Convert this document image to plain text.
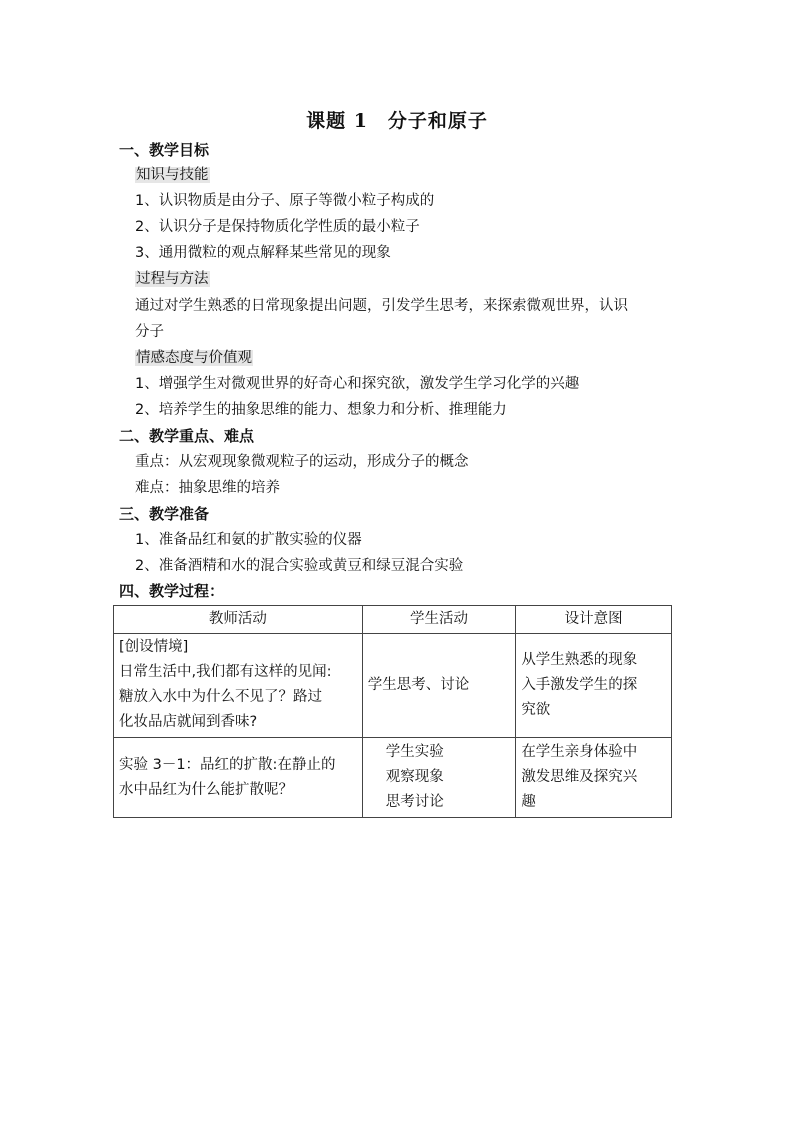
课题 1　分子和原子
一、教学目标
知识与技能
1、认识物质是由分子、原子等微小粒子构成的
2、认识分子是保持物质化学性质的最小粒子
3、通用微粒的观点解释某些常见的现象
过程与方法
通过对学生熟悉的日常现象提出问题，引发学生思考，来探索微观世界，认识
分子
情感态度与价值观
1、增强学生对微观世界的好奇心和探究欲，激发学生学习化学的兴趣
2、培养学生的抽象思维的能力、想象力和分析、推理能力
二、教学重点、难点
重点：从宏观现象微观粒子的运动，形成分子的概念
难点：抽象思维的培养
三、教学准备
1、准备品红和氨的扩散实验的仪器
2、准备酒精和水的混合实验或黄豆和绿豆混合实验
四、教学过程：
教师活动	学生活动	设计意图

[创设情境]
日常生活中,我们都有这样的见闻:
糖放入水中为什么不见了？路过
化妆品店就闻到香味?	学生思考、讨论	从学生熟悉的现象
入手激发学生的探
究欲

实验 3－1：品红的扩散:在静止的
水中品红为什么能扩散呢？	学生实验
观察现象
思考讨论	在学生亲身体验中
激发思维及探究兴
趣
